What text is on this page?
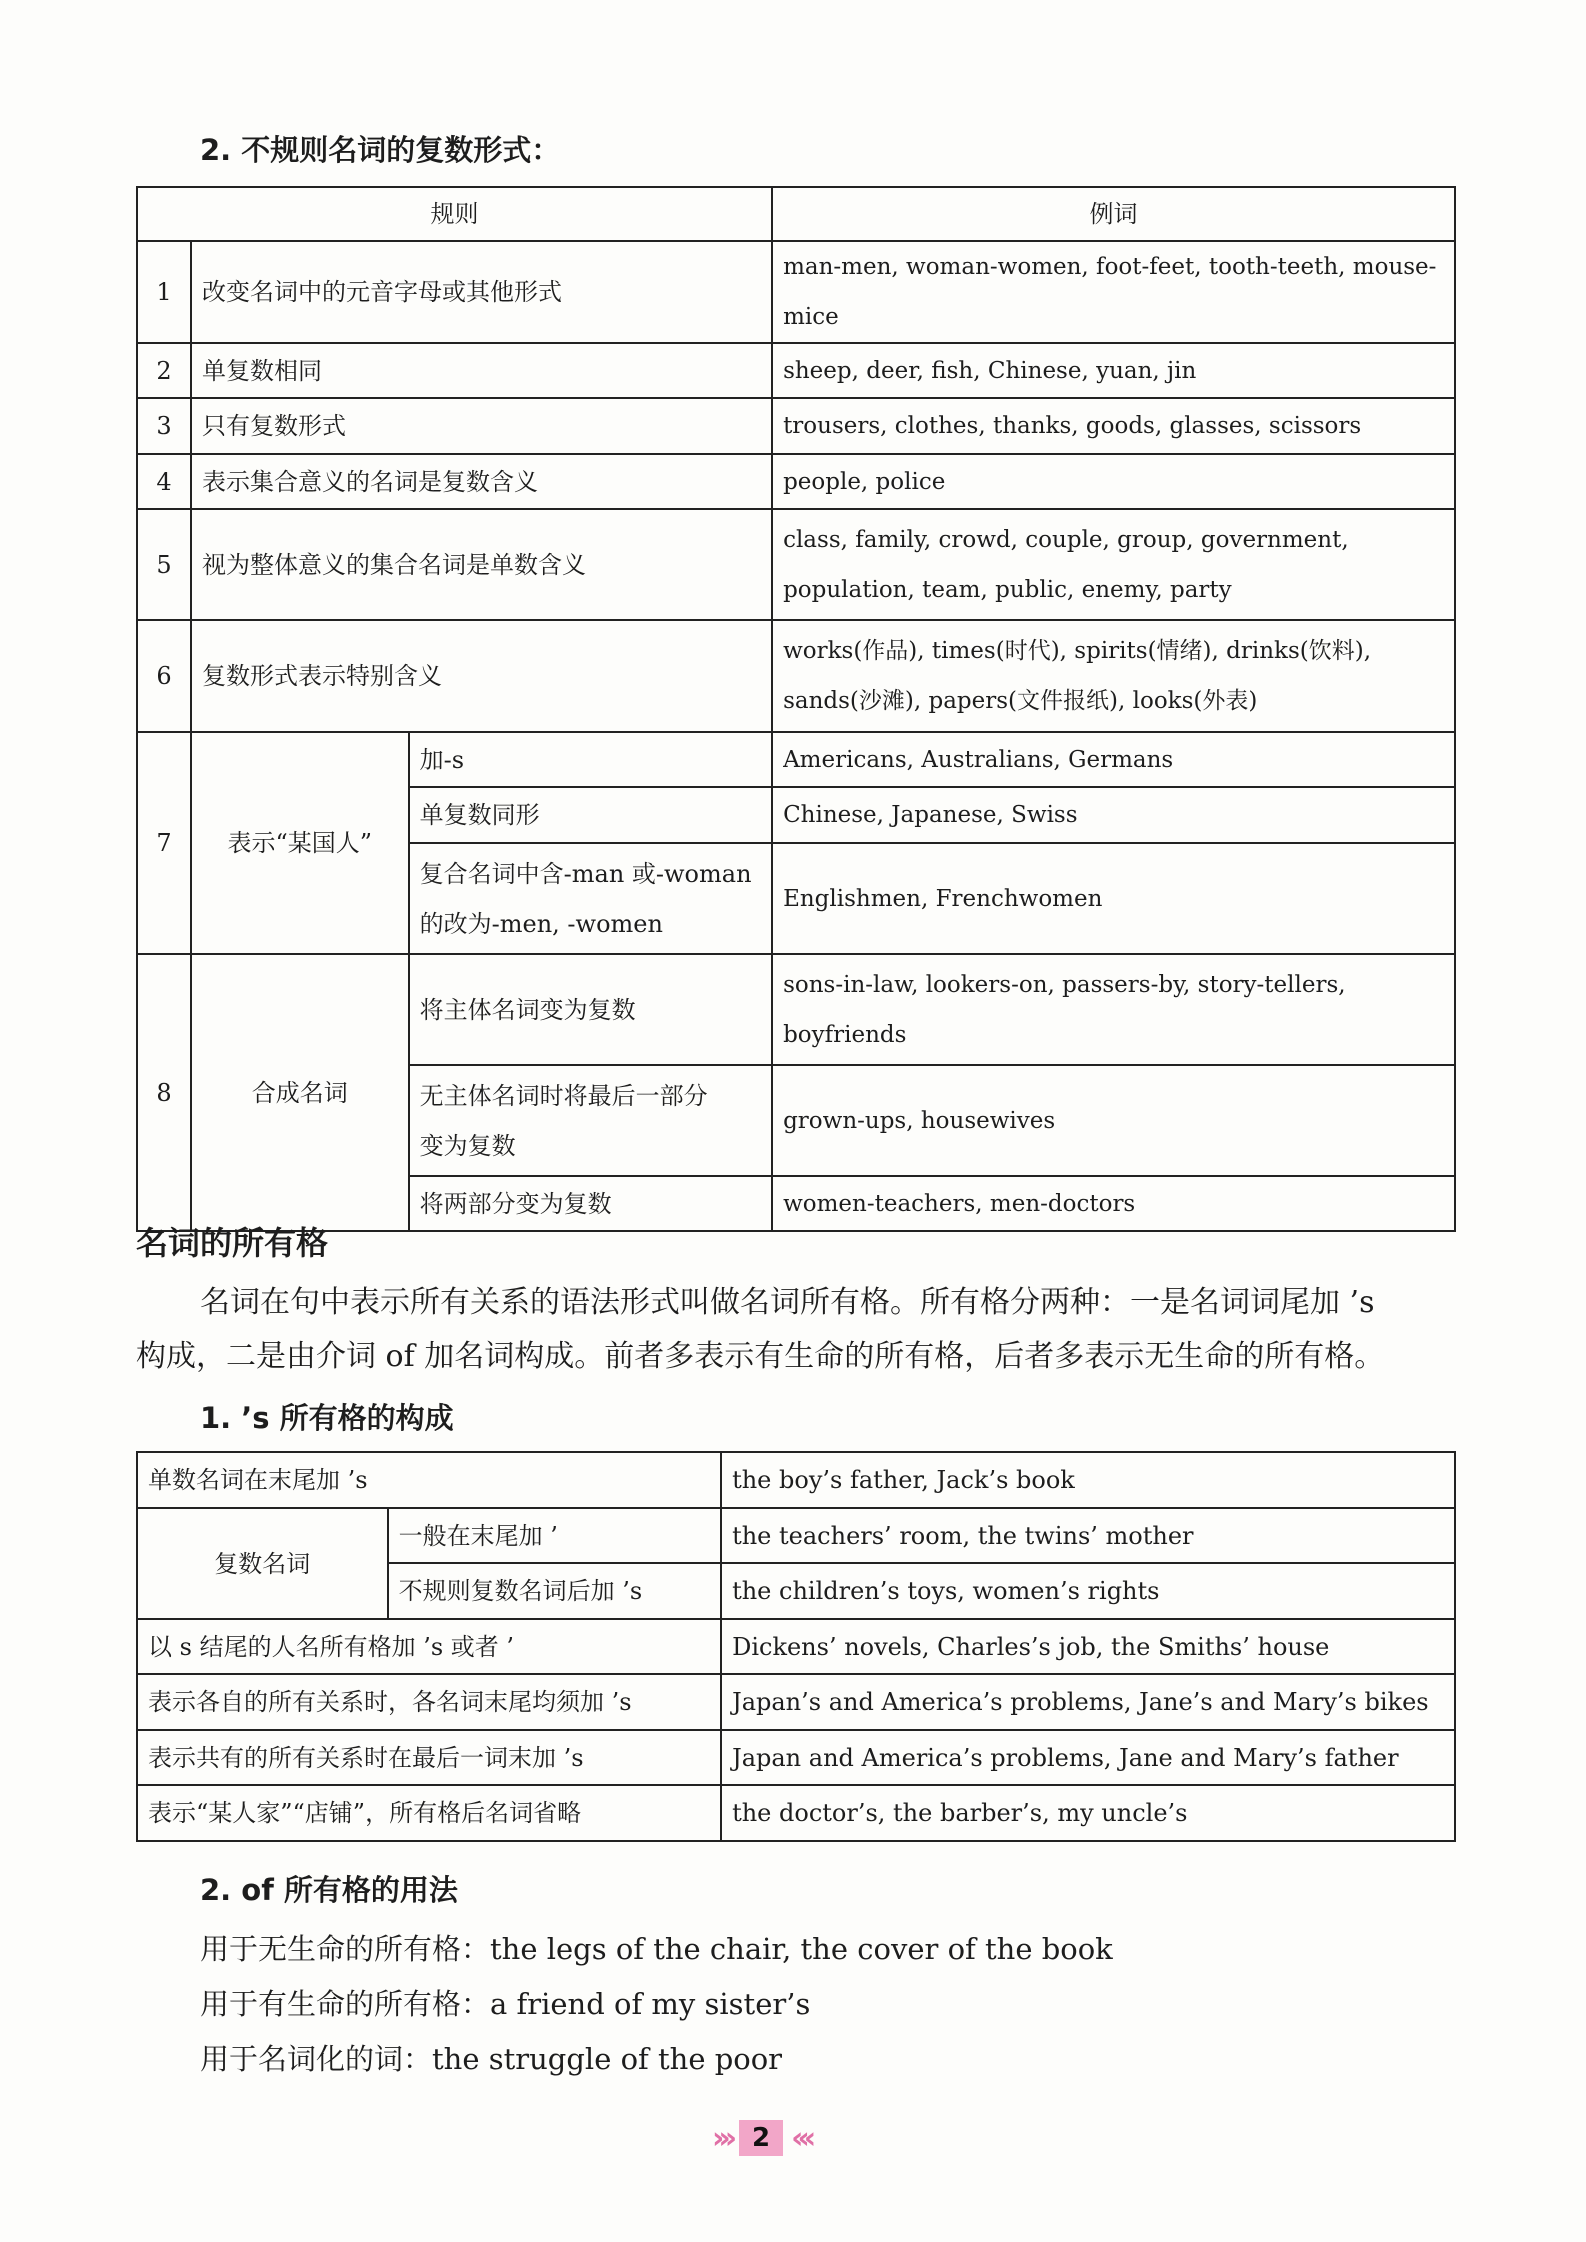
2. 不规则名词的复数形式：
规则			例词
1	改变名词中的元音字母或其他形式		man-men, woman-women, foot-feet, tooth-teeth, mouse-mice
2	单复数相同		sheep, deer, fish, Chinese, yuan, jin
3	只有复数形式		trousers, clothes, thanks, goods, glasses, scissors
4	表示集合意义的名词是复数含义		people, police
5	视为整体意义的集合名词是单数含义		class, family, crowd, couple, group, government,
population, team, public, enemy, party

6	复数形式表示特别含义		works(作品), times(时代), spirits(情绪), drinks(饮料),
sands(沙滩), papers(文件报纸), looks(外表)

7	表示“某国人”	加-s	Americans, Australians, Germans
		单复数同形	Chinese, Japanese, Swiss

		复合名词中含-man 或-woman
的改为-men, -women	Englishmen, Frenchwomen
8	合成名词	将主体名词变为复数	sons-in-law, lookers-on, passers-by, story-tellers,
boyfriends

		无主体名词时将最后一部分
变为复数	grown-ups, housewives
		将两部分变为复数	women-teachers, men-doctors
名词的所有格
名词在句中表示所有关系的语法形式叫做名词所有格。所有格分两种：一是名词词尾加 ’s
构成，二是由介词 of 加名词构成。前者多表示有生命的所有格，后者多表示无生命的所有格。
1. ’s 所有格的构成
单数名词在末尾加 ’s		the boy’s father, Jack’s book
复数名词	一般在末尾加 ’	the teachers’ room, the twins’ mother
	不规则复数名词后加 ’s	the children’s toys, women’s rights
以 s 结尾的人名所有格加 ’s 或者 ’		Dickens’ novels, Charles’s job, the Smiths’ house
表示各自的所有关系时，各名词末尾均须加 ’s		Japan’s and America’s problems, Jane’s and Mary’s bikes
表示共有的所有关系时在最后一词末加 ’s		Japan and America’s problems, Jane and Mary’s father
表示“某人家”“店铺”，所有格后名词省略		the doctor’s, the barber’s, my uncle’s
2. of 所有格的用法
用于无生命的所有格：the legs of the chair, the cover of the book
用于有生命的所有格：a friend of my sister’s
用于名词化的词：the struggle of the poor
››› 2 ‹‹‹
